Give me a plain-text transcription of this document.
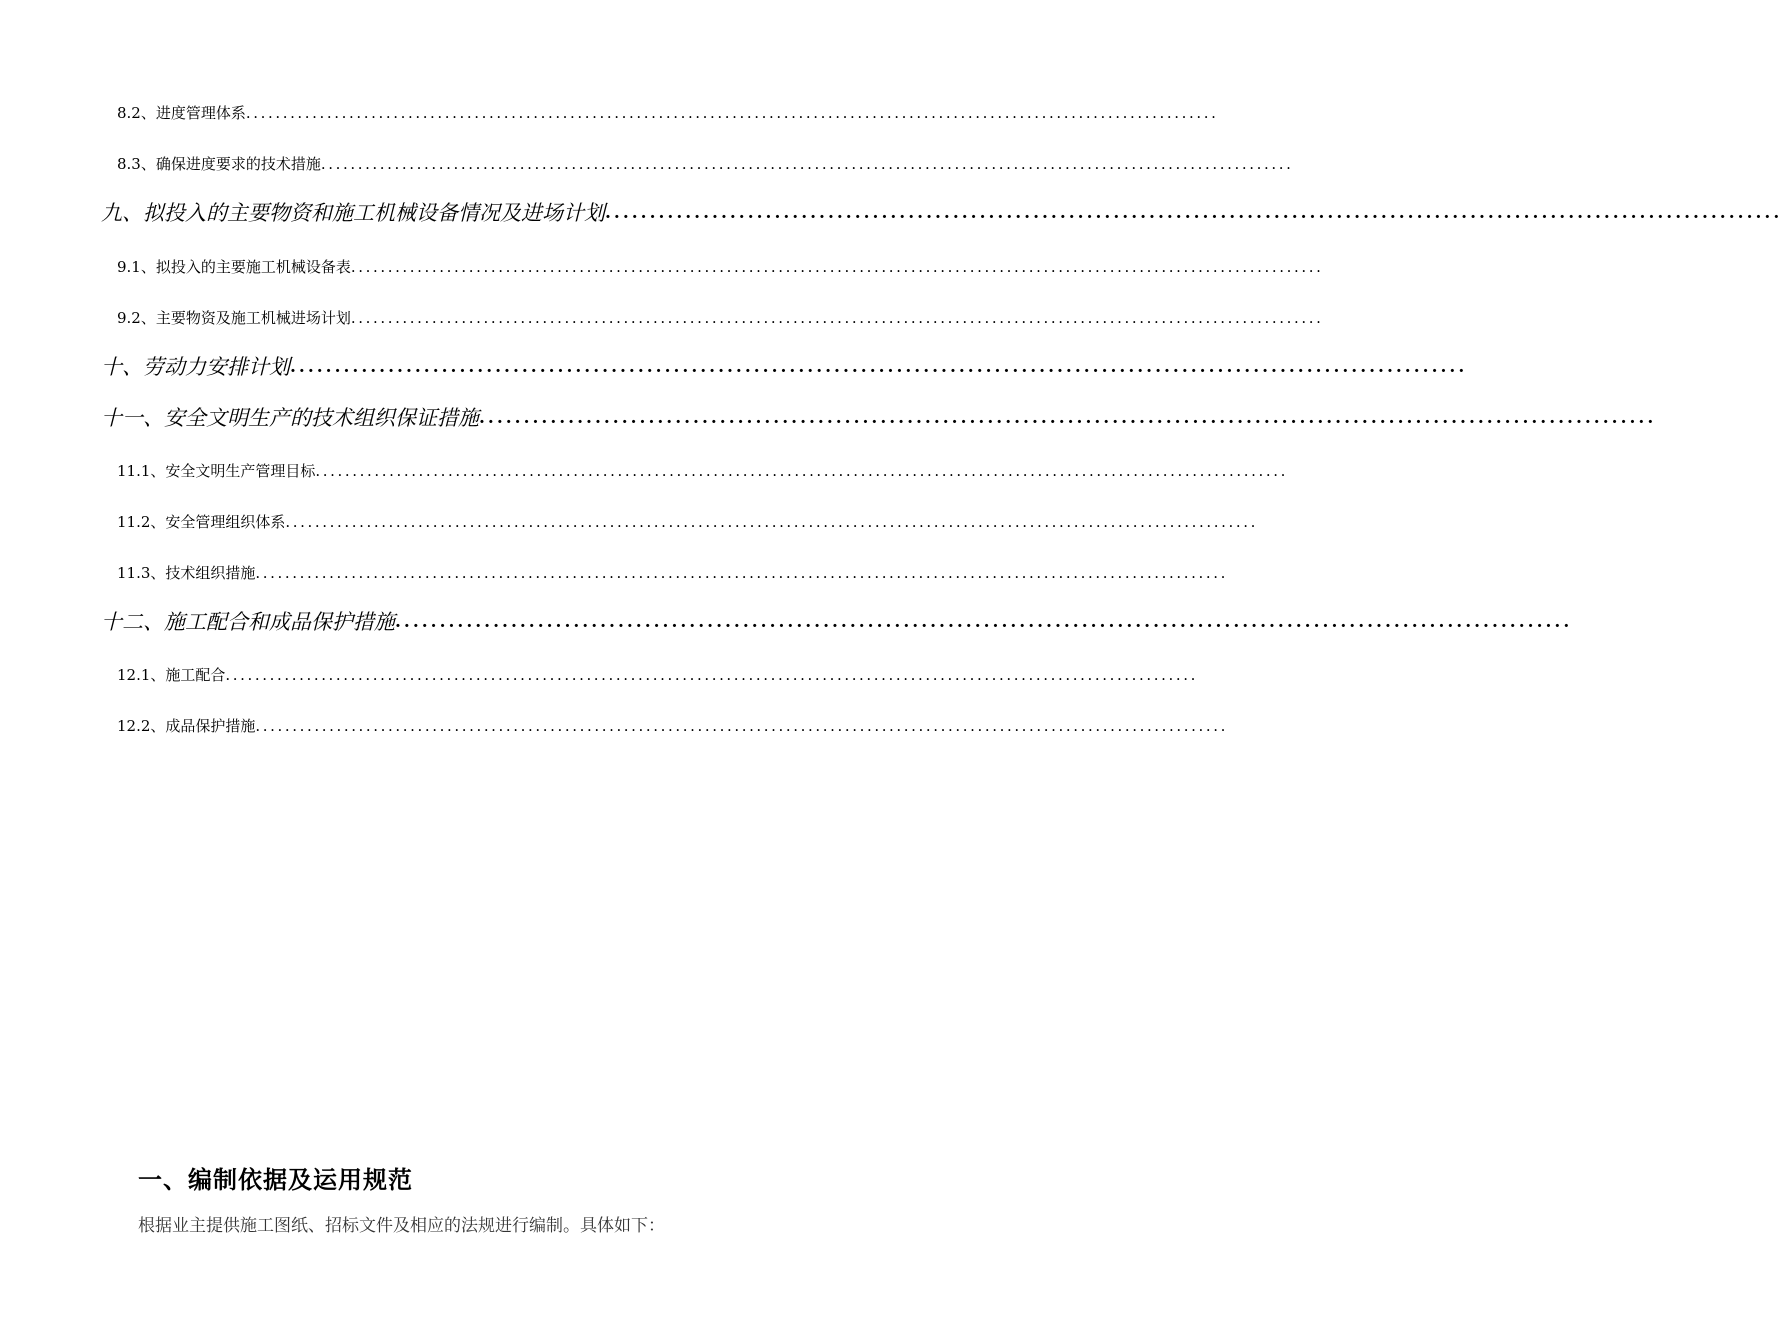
8.2、进度管理体系 ....................................................................................................................................
8.3、确保进度要求的技术措施 ....................................................................................................................................
九、拟投入的主要物资和施工机械设备情况及进场计划 ....................................................................................................................................
9.1、拟投入的主要施工机械设备表 ....................................................................................................................................
9.2、主要物资及施工机械进场计划 ....................................................................................................................................
十、劳动力安排计划 ....................................................................................................................................
十一、安全文明生产的技术组织保证措施 ....................................................................................................................................
11.1、安全文明生产管理目标 ....................................................................................................................................
11.2、安全管理组织体系 ....................................................................................................................................
11.3、技术组织措施 ....................................................................................................................................
十二、施工配合和成品保护措施 ....................................................................................................................................
12.1、施工配合 ....................................................................................................................................
12.2、成品保护措施 ....................................................................................................................................
一、编制依据及运用规范
根据业主提供施工图纸、招标文件及相应的法规进行编制。具体如下：
